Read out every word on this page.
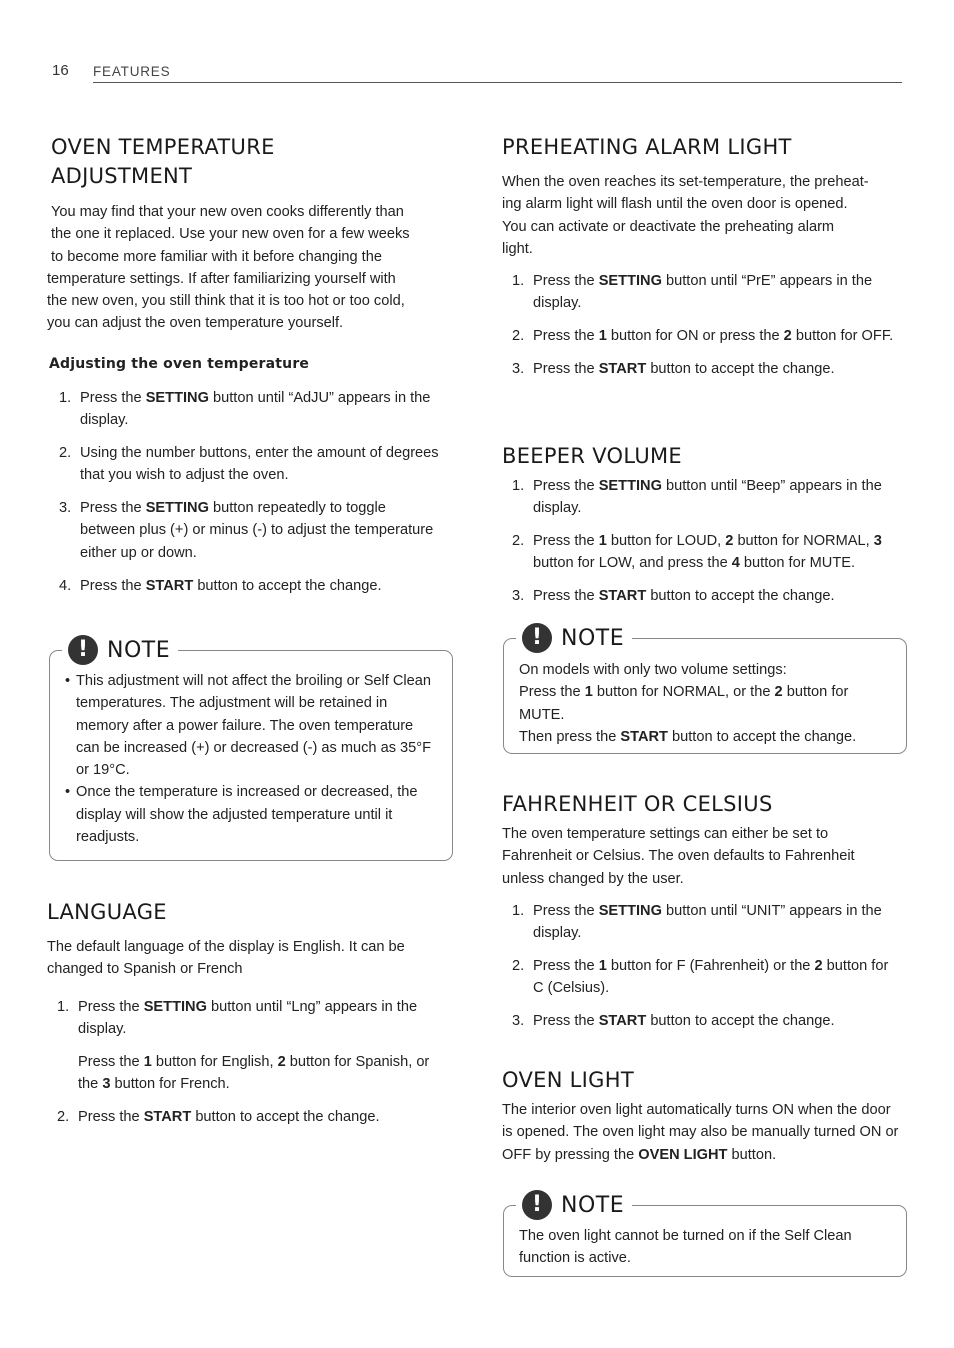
16 FEATURES
OVEN TEMPERATURE
ADJUSTMENT

You may find that your new oven cooks differently than

the one it replaced. Use your new oven for a few weeks

to become more familiar with it before changing the

temperature settings. If after familiarizing yourself with

the new oven, you still think that it is too hot or too cold,

you can adjust the oven temperature yourself.

Adjusting the oven temperature
1. Press the SETTING button until “AdJU” appears in the display.
2. Using the number buttons, enter the amount of degrees that you wish to adjust the oven.
3. Press the SETTING button repeatedly to toggle between plus (+) or minus (-) to adjust the temperature either up or down.
4. Press the START button to accept the change.
! NOTE
• This adjustment will not affect the broiling or Self Clean temperatures. The adjustment will be retained in memory after a power failure. The oven temperature can be increased (+) or decreased (-) as much as 35°F or 19°C.
• Once the temperature is increased or decreased, the display will show the adjusted temperature until it readjusts.
LANGUAGE

The default language of the display is English. It can be changed to Spanish or French

1. Press the SETTING button until “Lng” appears in the display.

Press the 1 button for English, 2 button for Spanish, or the 3 button for French.

2. Press the START button to accept the change.
PREHEATING ALARM LIGHT

When the oven reaches its set-temperature, the preheat-

ing alarm light will flash until the oven door is opened.

You can activate or deactivate the preheating alarm

light.

1. Press the SETTING button until “PrE” appears in the display.
2. Press the 1 button for ON or press the 2 button for OFF.
3. Press the START button to accept the change.
BEEPER VOLUME
1. Press the SETTING button until “Beep” appears in the display.
2. Press the 1 button for LOUD, 2 button for NORMAL, 3 button for LOW, and press the 4 button for MUTE.
3. Press the START button to accept the change.
! NOTE

On models with only two volume settings:

Press the 1 button for NORMAL, or the 2 button for MUTE.

Then press the START button to accept the change.

FAHRENHEIT OR CELSIUS

The oven temperature settings can either be set to

Fahrenheit or Celsius. The oven defaults to Fahrenheit

unless changed by the user.

1. Press the SETTING button until “UNIT” appears in the display.
2. Press the 1 button for F (Fahrenheit) or the 2 button for C (Celsius).
3. Press the START button to accept the change.
OVEN LIGHT

The interior oven light automatically turns ON when the door is opened. The oven light may also be manually turned ON or OFF by pressing the OVEN LIGHT button.

! NOTE

The oven light cannot be turned on if the Self Clean function is active.
